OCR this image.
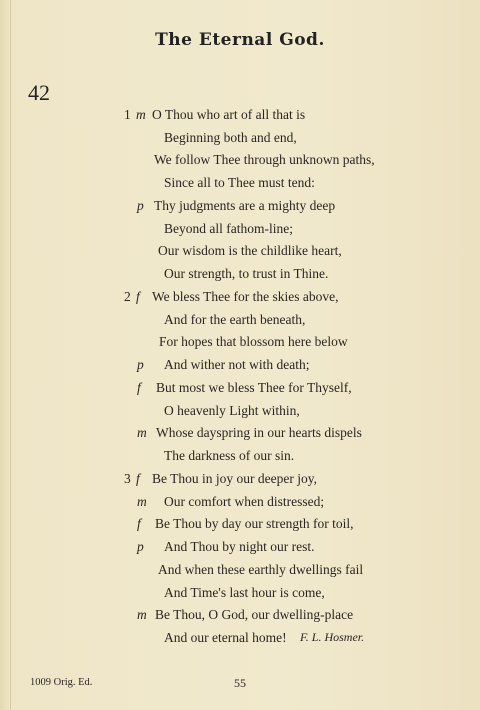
The Eternal God.
42
1 m O Thou who art of all that is
Beginning both and end,
We follow Thee through unknown paths,
Since all to Thee must tend:
p Thy judgments are a mighty deep
Beyond all fathom-line;
Our wisdom is the childlike heart,
Our strength, to trust in Thine.
2 f We bless Thee for the skies above,
And for the earth beneath,
For hopes that blossom here below
p And wither not with death;
f But most we bless Thee for Thyself,
O heavenly Light within,
m Whose dayspring in our hearts dispels
The darkness of our sin.
3 f Be Thou in joy our deeper joy,
m Our comfort when distressed;
f Be Thou by day our strength for toil,
p And Thou by night our rest.
And when these earthly dwellings fail
And Time's last hour is come,
m Be Thou, O God, our dwelling-place
And our eternal home! F. L. Hosmer.
1009 Orig. Ed.	55
